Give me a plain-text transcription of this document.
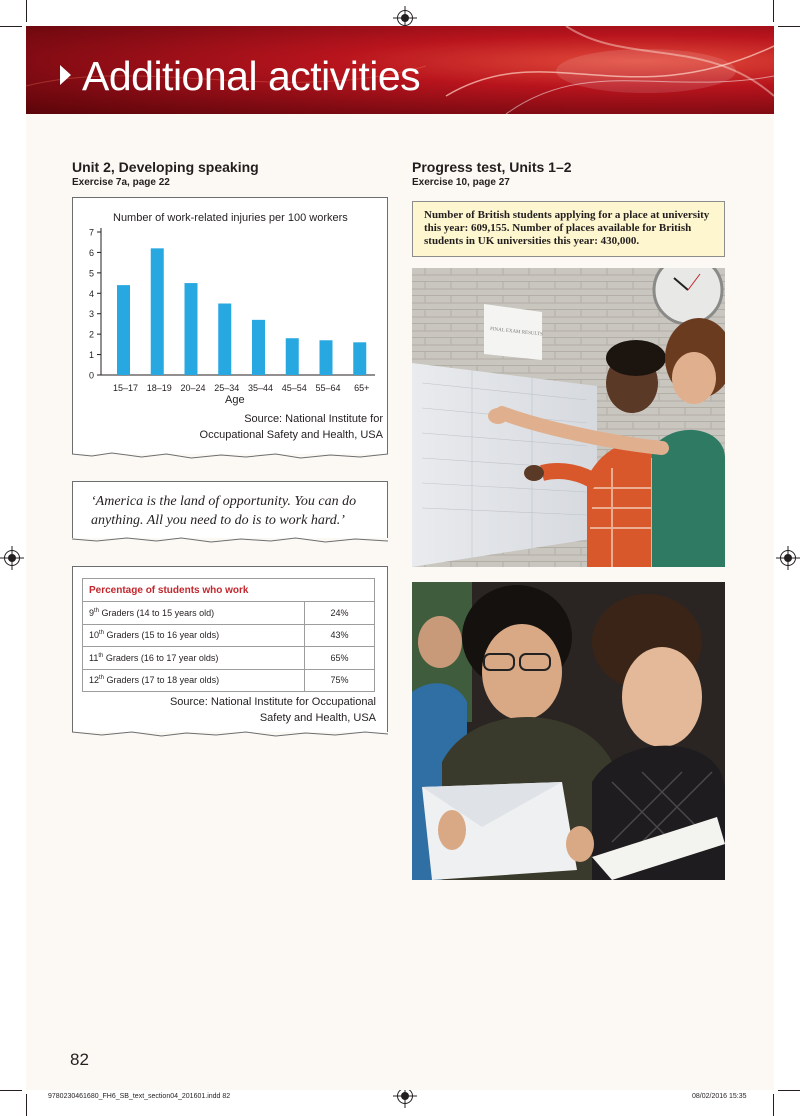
Additional activities
Unit 2, Developing speaking
Exercise 7a, page 22
Progress test, Units 1–2
Exercise 10, page 27
Number of work-related injuries per 100 workers
0
1
2
3
4
5
6
7
15–17 18–19 20–24 25–34 35–44 45–54 55–64 65+
Age
Source: National Institute for
Occupational Safety and Health, USA
‘America is the land of opportunity. You can do
anything. All you need to do is to work hard.’
Percentage of students who work	
9th Graders (14 to 15 years old)	24%
10th Graders (15 to 16 year olds)	43%
11th Graders (16 to 17 year olds)	65%
12th Graders (17 to 18 year olds)	75%
Source: National Institute for Occupational
Safety and Health, USA
Number of British students applying for a place at university
this year: 609,155. Number of places available for British
students in UK universities this year: 430,000.
FINAL EXAM RESULTS
82
9780230461680_FH6_SB_text_section04_201601.indd 82	08/02/2016 15:35
